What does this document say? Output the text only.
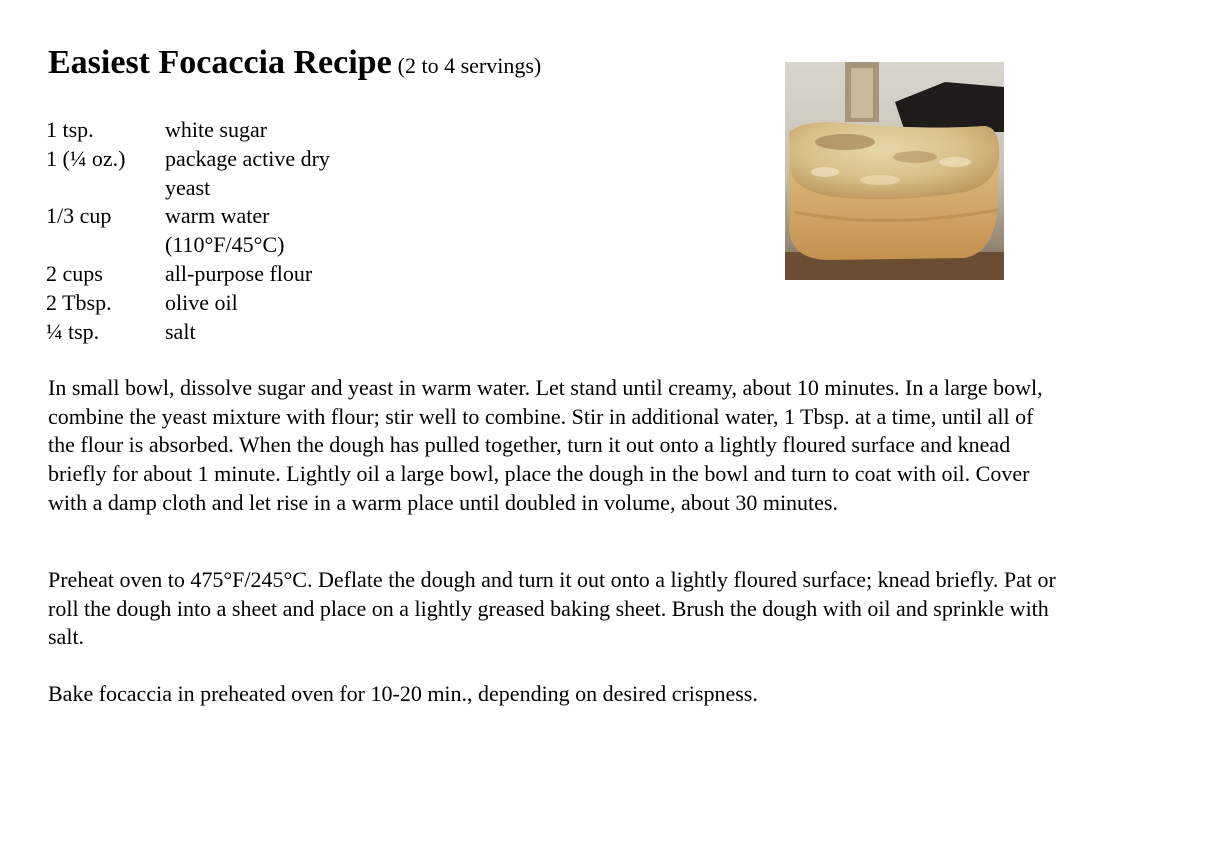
Easiest Focaccia Recipe (2 to 4 servings)
1 tsp.	white sugar
1 (¼ oz.)	package active dry yeast
1/3 cup	warm water (110°F/45°C)
2 cups	all-purpose flour
2 Tbsp.	olive oil
¼ tsp.	salt

In small bowl, dissolve sugar and yeast in warm water. Let stand until creamy, about 10 minutes. In a large bowl, combine the yeast mixture with flour; stir well to combine. Stir in additional water, 1 Tbsp. at a time, until all of the flour is absorbed. When the dough has pulled together, turn it out onto a lightly floured surface and knead briefly for about 1 minute. Lightly oil a large bowl, place the dough in the bowl and turn to coat with oil. Cover with a damp cloth and let rise in a warm place until doubled in volume, about 30 minutes.

Preheat oven to 475°F/245°C. Deflate the dough and turn it out onto a lightly floured surface; knead briefly. Pat or roll the dough into a sheet and place on a lightly greased baking sheet. Brush the dough with oil and sprinkle with salt.

Bake focaccia in preheated oven for 10-20 min., depending on desired crispness.
